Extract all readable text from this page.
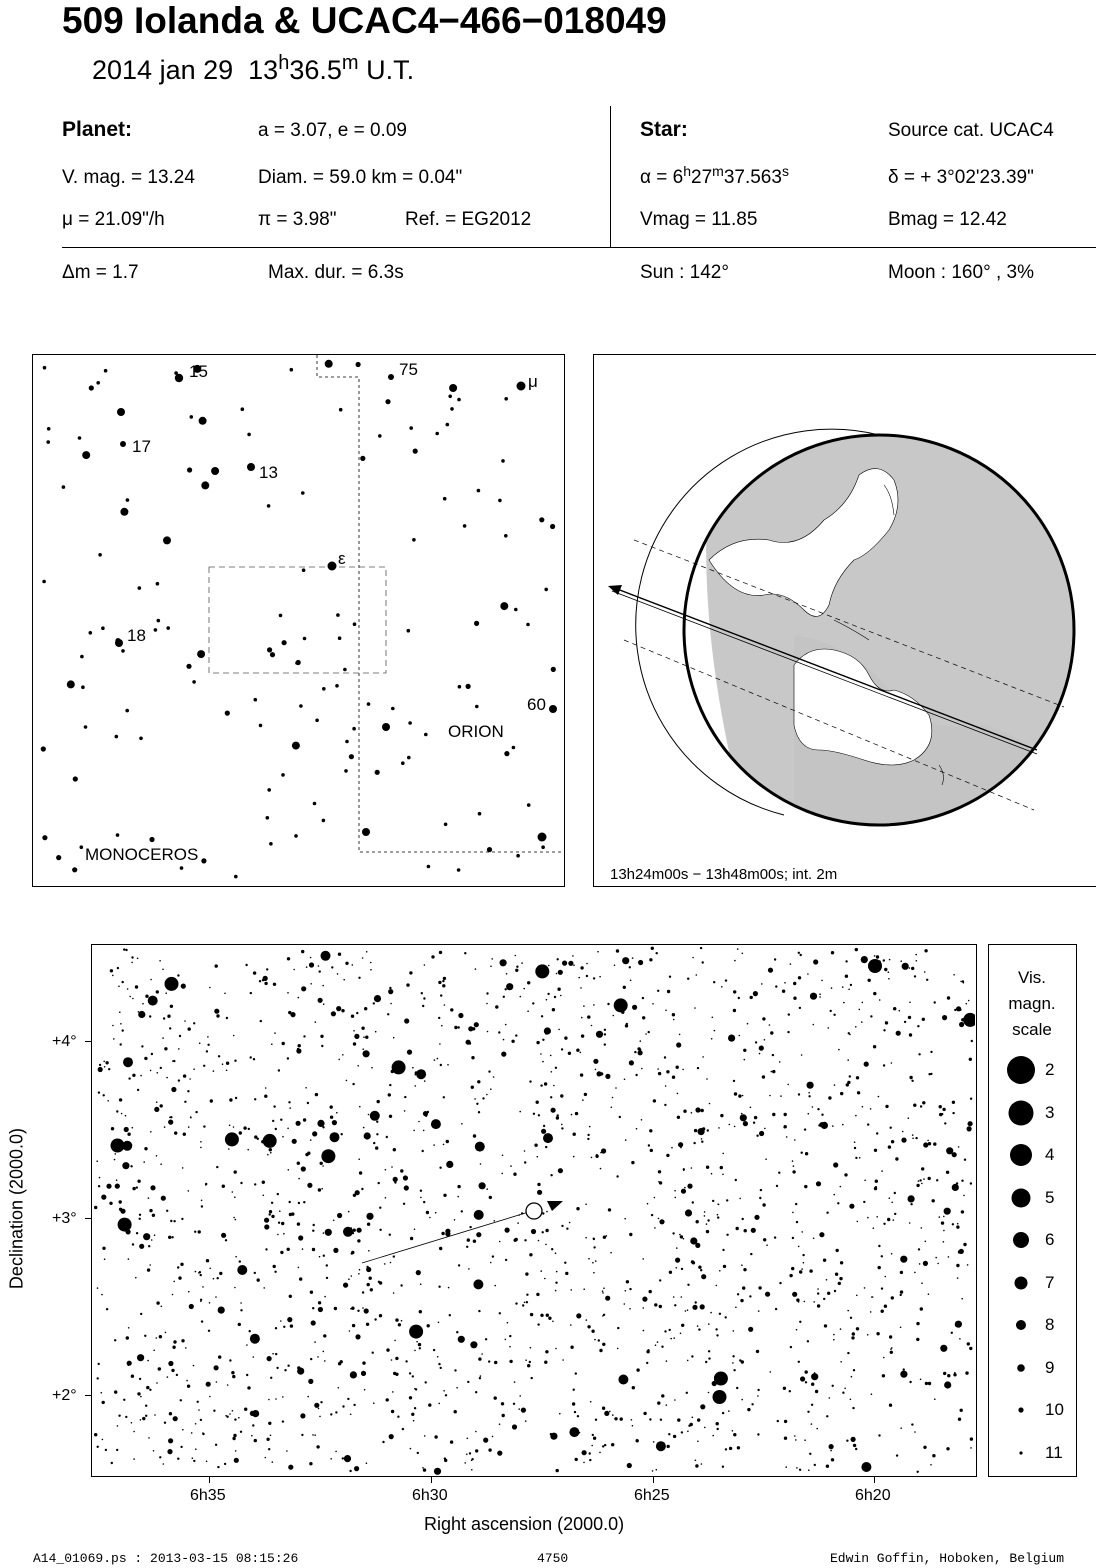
509 Iolanda & UCAC4−466−018049
2014 jan 29 13$^h$36.5$^m$ U.T.
Planet:	a = 3.07, e = 0.09
V. mag. = 13.24	Diam. = 59.0 km = 0.04"
μ = 21.09"/h	π = 3.98"	Ref. = EG2012
Star:	Source cat. UCAC4
$\alpha = 6^h27^m37.563^s$	δ = + 3°02'23.39"
Vmag = 11.85	Bmag = 12.42
Δm = 1.7	Max. dur. = 6.3s	Sun : 142°	Moon : 160° , 3%
15	75
μ
17
13
ε
18
60
ORION
MONOCEROS
13h24m00s − 13h48m00s; int. 2m
+4°
+3°
+2°
6h35	6h30	6h25	6h20
Right ascension (2000.0)
Declination (2000.0)
Vis.
magn.
scale
2
3
4
5
6
7
8
9
10
11
A14_01069.ps : 2013-03-15 08:15:26	4750	Edwin Goffin, Hoboken, Belgium
